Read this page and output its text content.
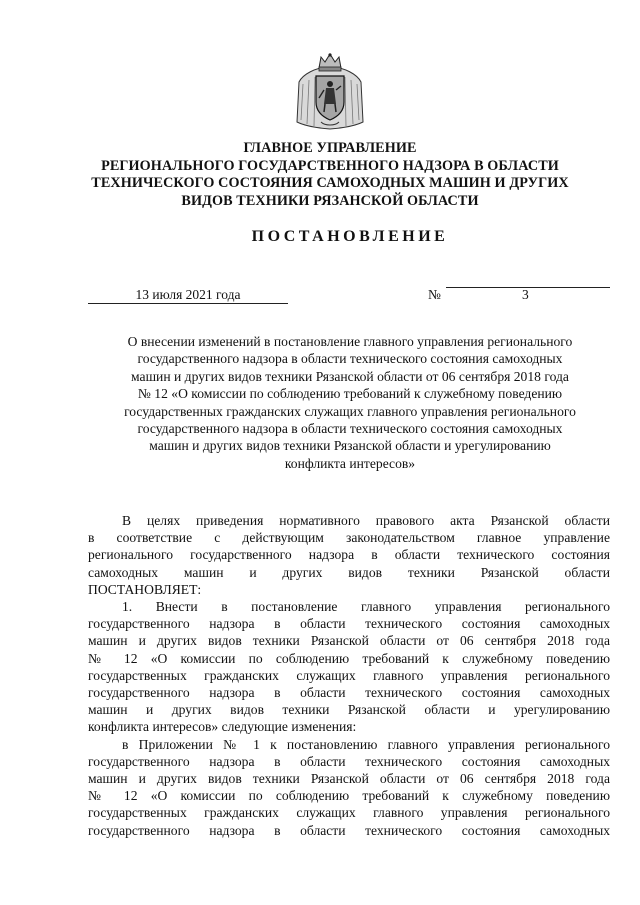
ГЛАВНОЕ УПРАВЛЕНИЕ
РЕГИОНАЛЬНОГО ГОСУДАРСТВЕННОГО НАДЗОРА В ОБЛАСТИ
ТЕХНИЧЕСКОГО СОСТОЯНИЯ САМОХОДНЫХ МАШИН И ДРУГИХ
ВИДОВ ТЕХНИКИ РЯЗАНСКОЙ ОБЛАСТИ
ПОСТАНОВЛЕНИЕ
13 июля 2021 года	№	3
О внесении изменений в постановление главного управления регионального
государственного надзора в области технического состояния самоходных
машин и других видов техники Рязанской области от 06 сентября 2018 года
№ 12 «О комиссии по соблюдению требований к служебному поведению
государственных гражданских служащих главного управления регионального
государственного надзора в области технического состояния самоходных
машин и других видов техники Рязанской области и урегулированию
конфликта интересов»
В целях приведения нормативного правового акта Рязанской области
в соответствие с действующим законодательством главное управление
регионального государственного надзора в области технического состояния
самоходных машин и других видов техники Рязанской области
ПОСТАНОВЛЯЕТ:
1. Внести в постановление главного управления регионального
государственного надзора в области технического состояния самоходных
машин и других видов техники Рязанской области от 06 сентября 2018 года
№ 12 «О комиссии по соблюдению требований к служебному поведению
государственных гражданских служащих главного управления регионального
государственного надзора в области технического состояния самоходных
машин и других видов техники Рязанской области и урегулированию
конфликта интересов» следующие изменения:
в Приложении № 1 к постановлению главного управления регионального
государственного надзора в области технического состояния самоходных
машин и других видов техники Рязанской области от 06 сентября 2018 года
№ 12 «О комиссии по соблюдению требований к служебному поведению
государственных гражданских служащих главного управления регионального
государственного надзора в области технического состояния самоходных
